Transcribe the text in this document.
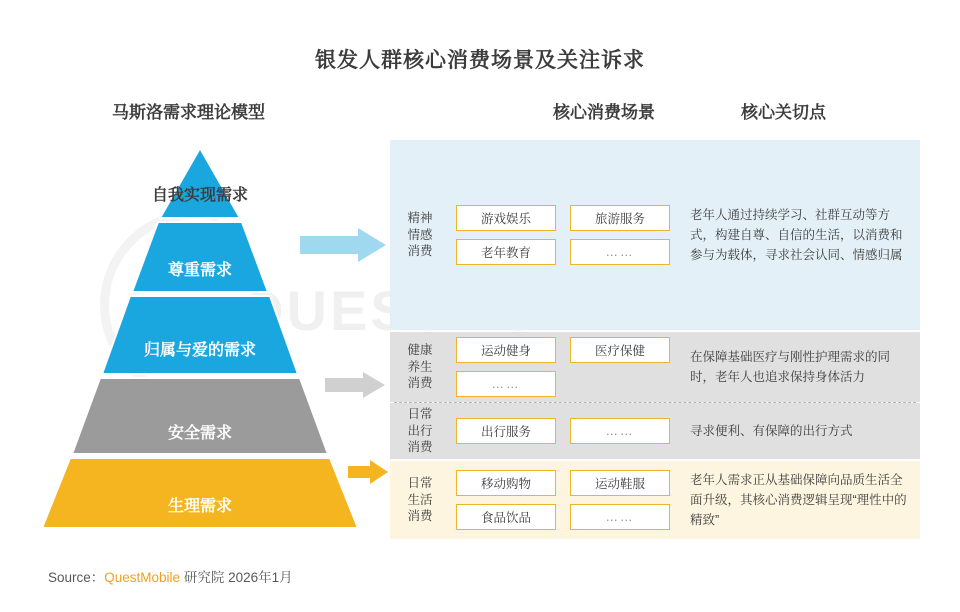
银发人群核心消费场景及关注诉求
马斯洛需求理论模型	核心消费场景	核心关切点
自我实现需求
尊重需求
归属与爱的需求
安全需求
生理需求
精神
情感
消费
游戏娱乐	旅游服务
老年教育	……
老年人通过持续学习、社群互动等方式，构建自尊、自信的生活，以消费和参与为载体，寻求社会认同、情感归属
健康
养生
消费
运动健身	医疗保健
……
在保障基础医疗与刚性护理需求的同时，老年人也追求保持身体活力
日常
出行
消费
出行服务	……	寻求便利、有保障的出行方式
日常
生活
消费
移动购物	运动鞋服
食品饮品	……
老年人需求正从基础保障向品质生活全面升级，其核心消费逻辑呈现“理性中的精致”
Source：QuestMobile 研究院 2026年1月
